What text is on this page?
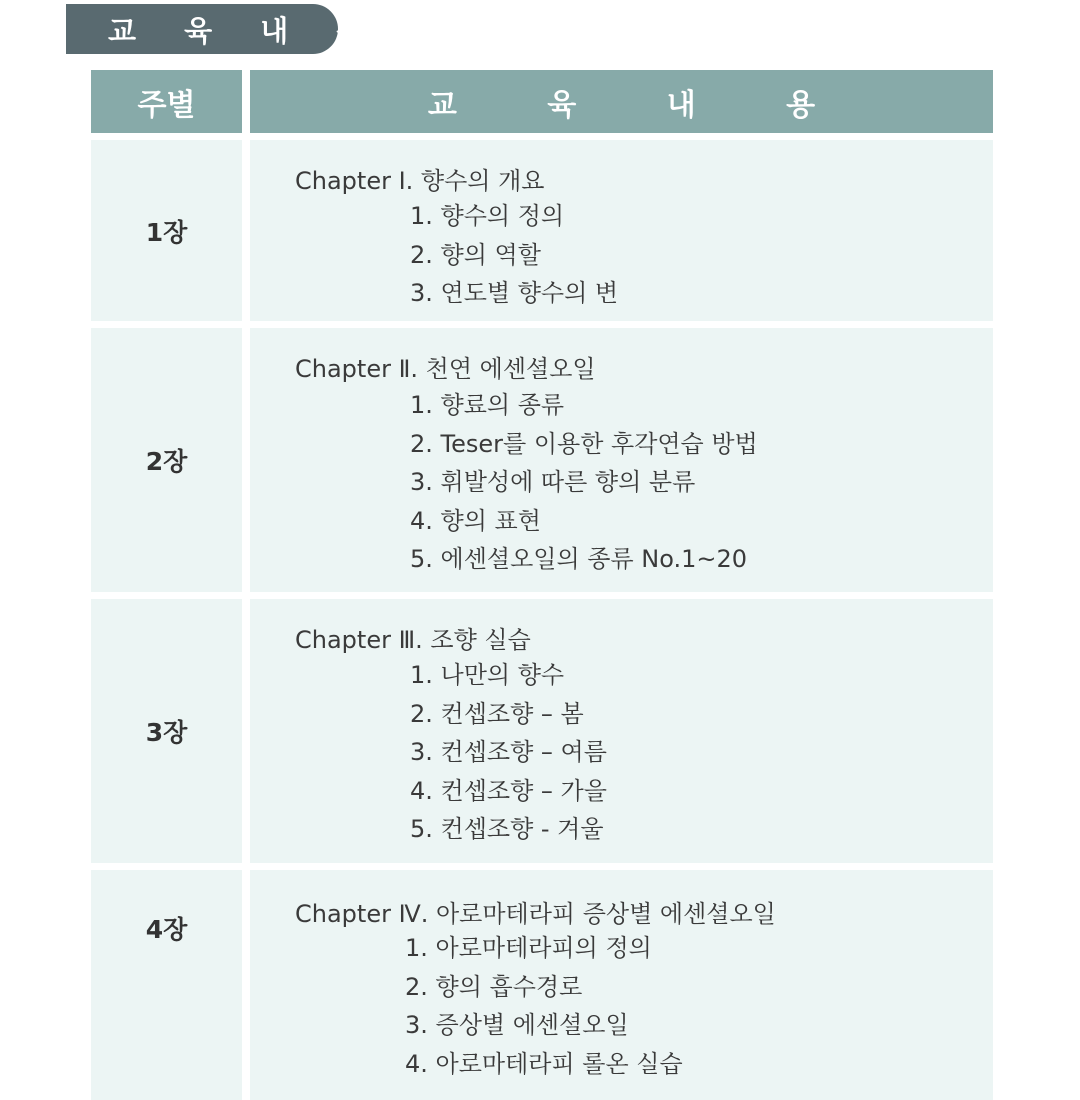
교 육 내 용
주별	교 육 내 용
1장
Chapter Ⅰ. 향수의 개요
1. 향수의 정의
2. 향의 역할
3. 연도별 향수의 변
2장
Chapter Ⅱ. 천연 에센셜오일
1. 향료의 종류
2. Teser를 이용한 후각연습 방법
3. 휘발성에 따른 향의 분류
4. 향의 표현
5. 에센셜오일의 종류 No.1~20
3장
Chapter Ⅲ. 조향 실습
1. 나만의 향수
2. 컨셉조향 – 봄
3. 컨셉조향 – 여름
4. 컨셉조향 – 가을
5. 컨셉조향 - 겨울
4장
Chapter Ⅳ. 아로마테라피 증상별 에센셜오일
1. 아로마테라피의 정의
2. 향의 흡수경로
3. 증상별 에센셜오일
4. 아로마테라피 롤온 실습
